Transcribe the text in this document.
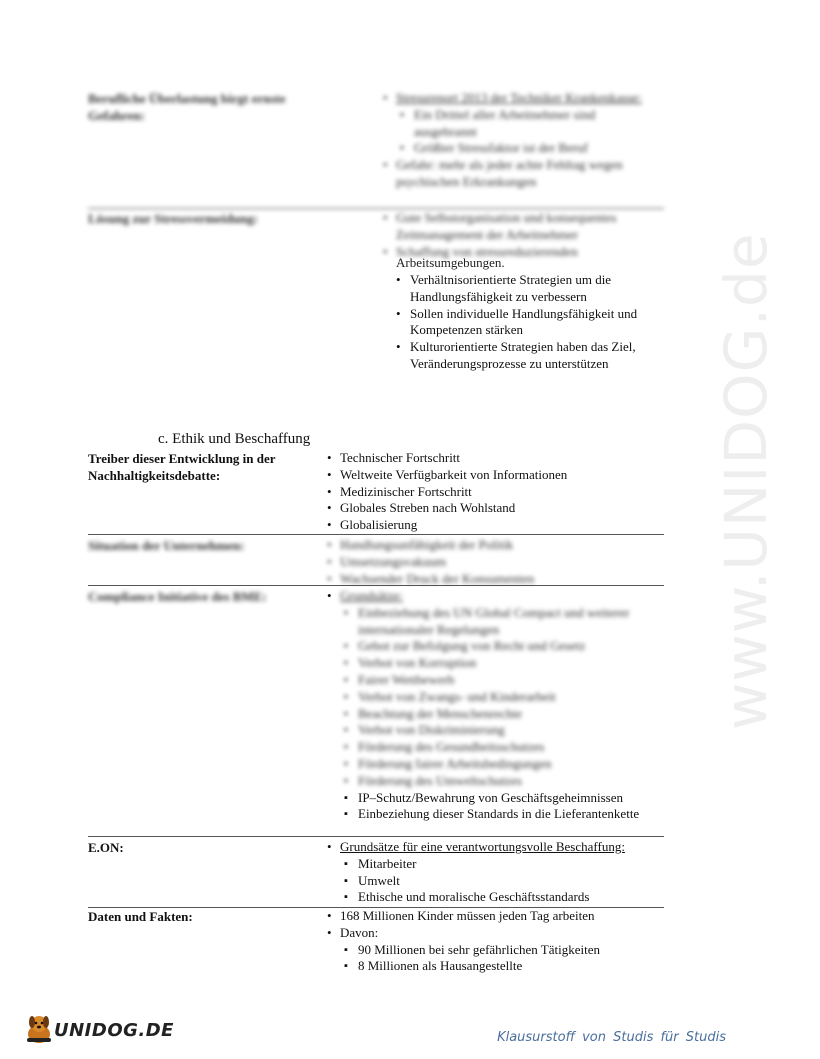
www.UNIDOG.de
Berufliche Überlastung birgt ernste Gefahren:
• Stressreport 2013 der Techniker Krankenkasse:
▪ Ein Drittel aller Arbeitnehmer sind ausgebrannt
▪ Größter Stressfaktor ist der Beruf
• Gefahr: mehr als jeder achte Fehltag wegen psychischen Erkrankungen
Lösung zur Stressvermeidung:	• Gute Selbstorganisation und konsequentes Zeitmanagement der Arbeitnehmer
• Schaffung von stressreduzierenden
Arbeitsumgebungen.
• Verhältnisorientierte Strategien um die Handlungsfähigkeit zu verbessern
• Sollen individuelle Handlungsfähigkeit und Kompetenzen stärken
• Kulturorientierte Strategien haben das Ziel, Veränderungsprozesse zu unterstützen
c. Ethik und Beschaffung
Treiber dieser Entwicklung in der Nachhaltigkeitsdebatte:
• Technischer Fortschritt
• Weltweite Verfügbarkeit von Informationen
• Medizinischer Fortschritt
• Globales Streben nach Wohlstand
• Globalisierung
Situation der Unternehmen:	• Handlungsunfähigkeit der Politik
• Umsetzungsvakuum
• Wachsender Druck der Konsumenten
Compliance Initiative des BME:	• Grundsätze:
▪ Einbeziehung des UN Global Compact und weiterer internationaler Regelungen
▪ Gebot zur Befolgung von Recht und Gesetz
▪ Verbot von Korruption
▪ Fairer Wettbewerb
▪ Verbot von Zwangs- und Kinderarbeit
▪ Beachtung der Menschenrechte
▪ Verbot von Diskriminierung
▪ Förderung des Gesundheitsschutzes
▪ Förderung fairer Arbeitsbedingungen
▪ Förderung des Umweltschutzes
▪ IP–Schutz/Bewahrung von Geschäftsgeheimnissen
▪ Einbeziehung dieser Standards in die Lieferantenkette
E.ON:	• Grundsätze für eine verantwortungsvolle Beschaffung:
▪ Mitarbeiter
▪ Umwelt
▪ Ethische und moralische Geschäftsstandards
Daten und Fakten:	• 168 Millionen Kinder müssen jeden Tag arbeiten
• Davon:
▪ 90 Millionen bei sehr gefährlichen Tätigkeiten
▪ 8 Millionen als Hausangestellte
UNIDOG.DE	Klausurstoff von Studis für Studis
